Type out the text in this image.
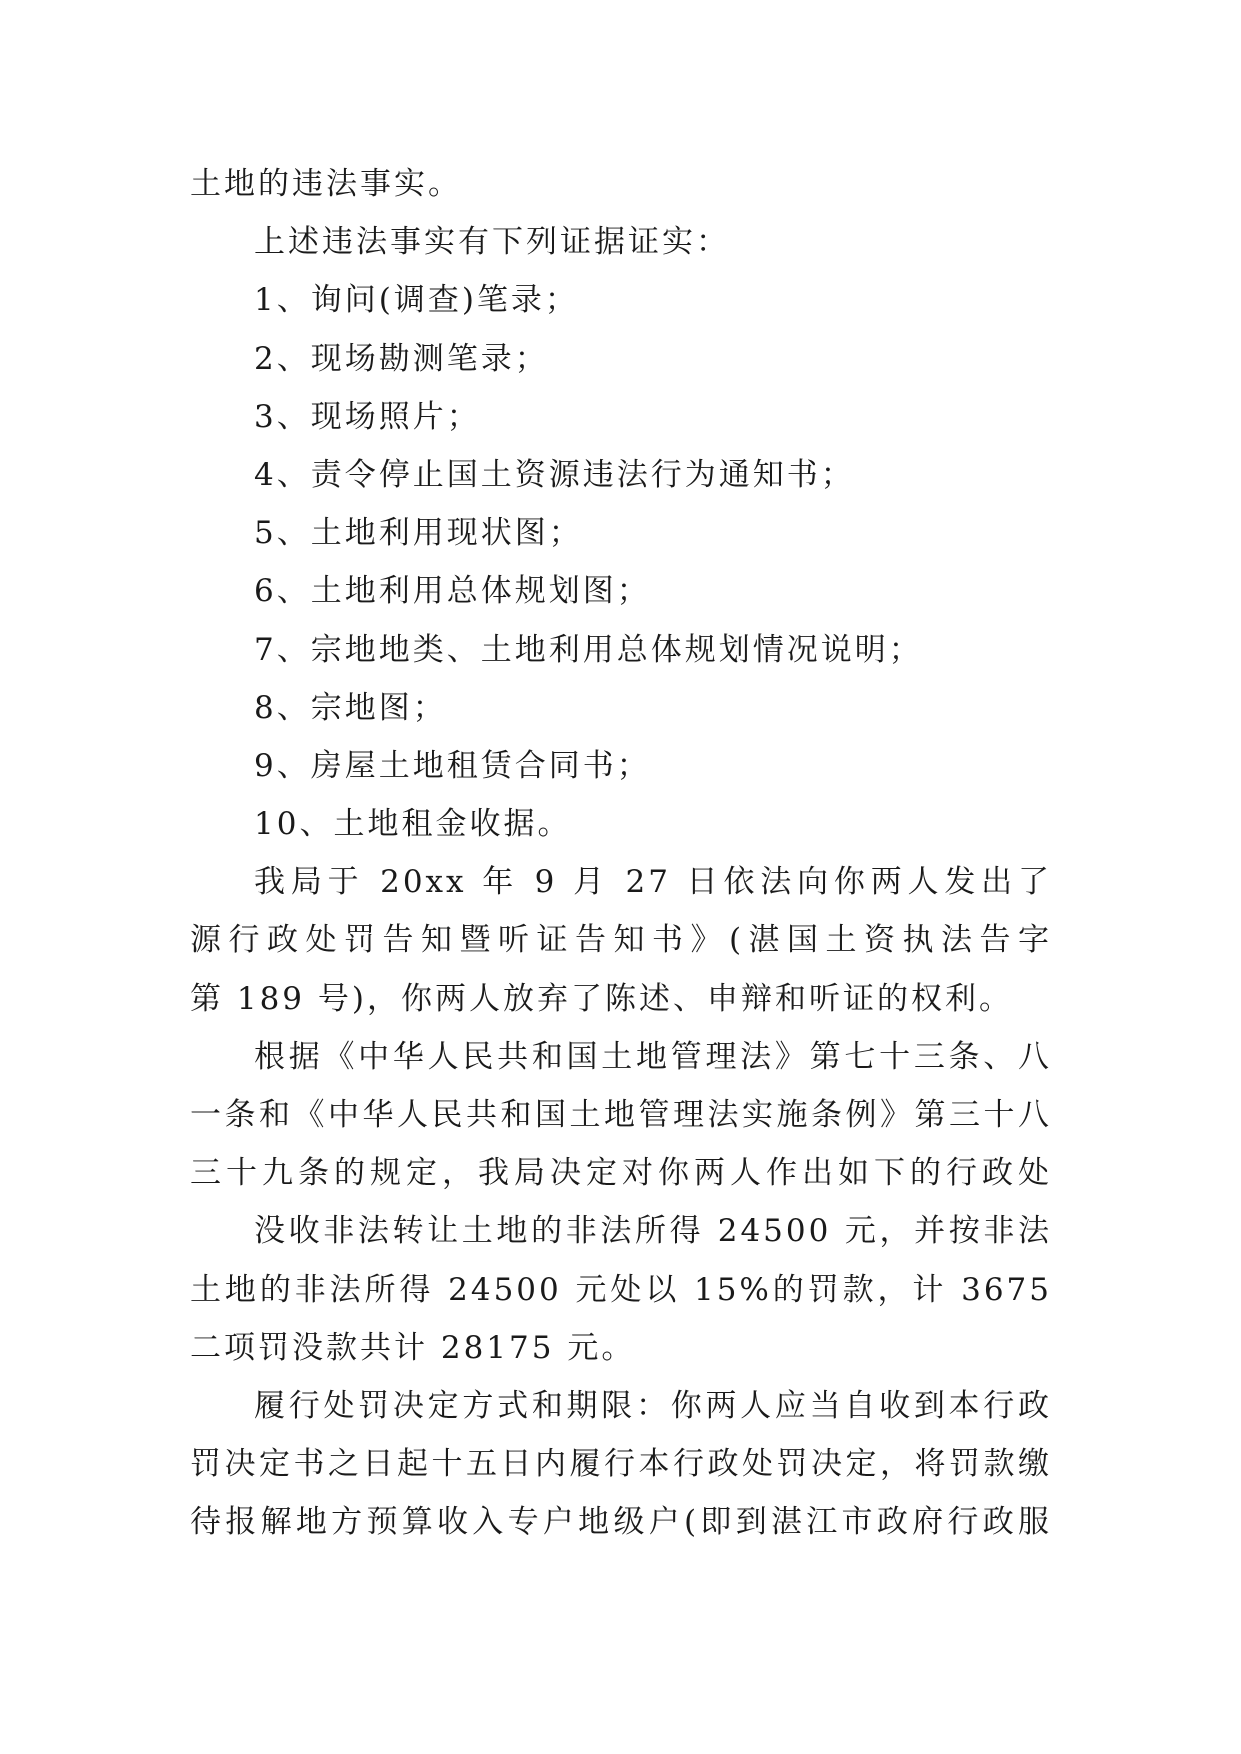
土地的违法事实。
上述违法事实有下列证据证实：
1、询问(调查)笔录；
2、现场勘测笔录；
3、现场照片；
4、责令停止国土资源违法行为通知书；
5、土地利用现状图；
6、土地利用总体规划图；
7、宗地地类、土地利用总体规划情况说明；
8、宗地图；
9、房屋土地租赁合同书；
10、土地租金收据。
我局于 20xx 年 9 月 27 日依法向你两人发出了
源行政处罚告知暨听证告知书》(湛国土资执法告字
第 189 号)，你两人放弃了陈述、申辩和听证的权利。
根据《中华人民共和国土地管理法》第七十三条、八
一条和《中华人民共和国土地管理法实施条例》第三十八
三十九条的规定，我局决定对你两人作出如下的行政处
没收非法转让土地的非法所得 24500 元，并按非法
土地的非法所得 24500 元处以 15%的罚款，计 3675
二项罚没款共计 28175 元。
履行处罚决定方式和期限：你两人应当自收到本行政
罚决定书之日起十五日内履行本行政处罚决定，将罚款缴
待报解地方预算收入专户地级户(即到湛江市政府行政服
